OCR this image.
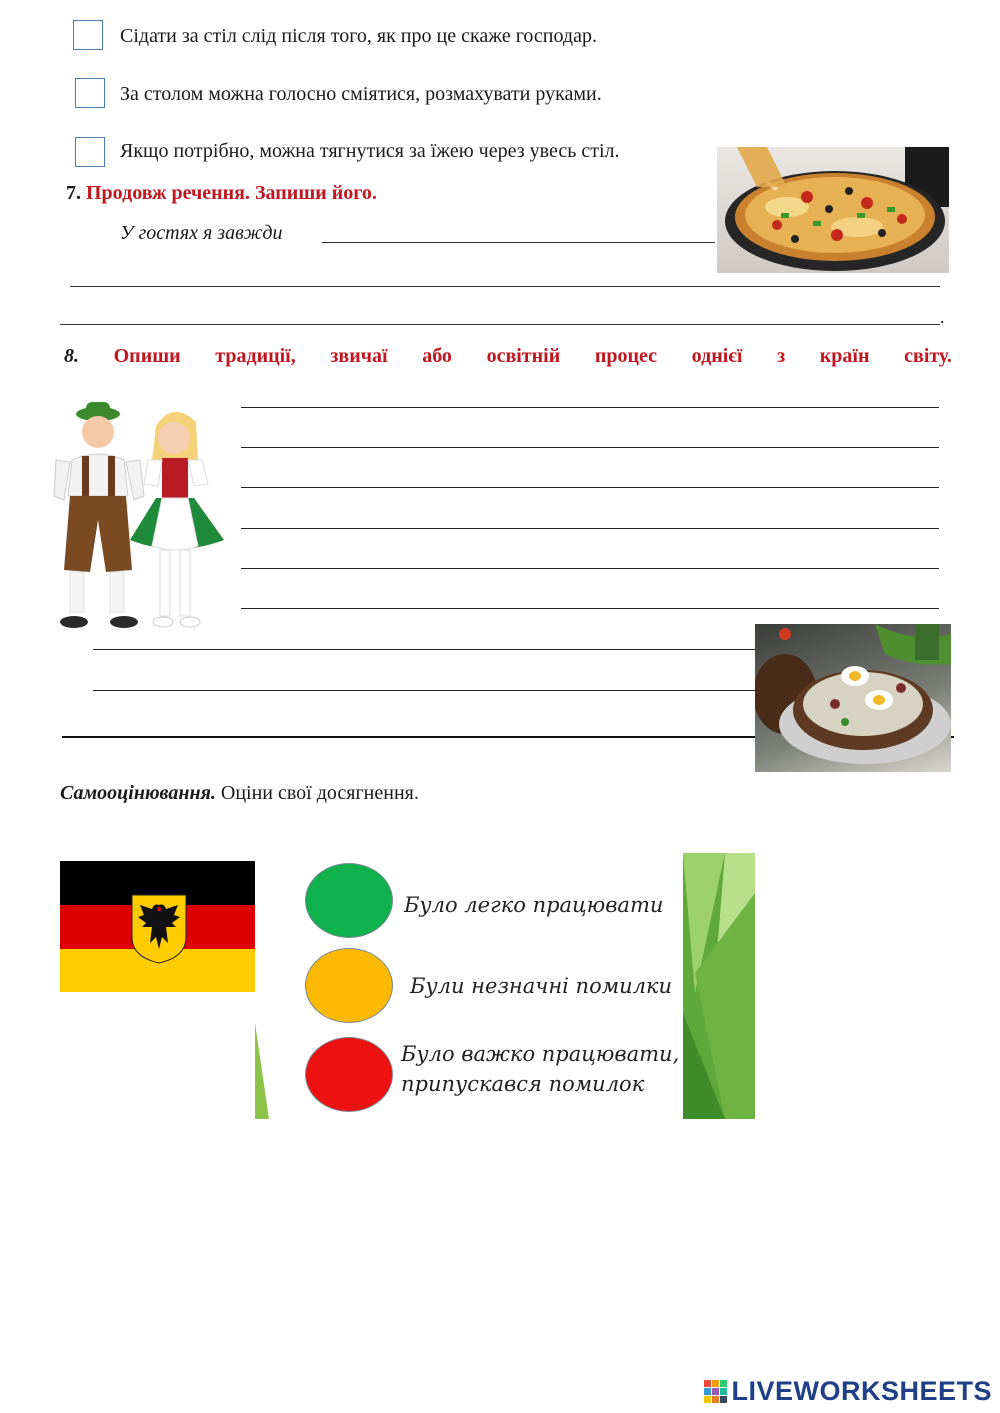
Сідати за стіл слід після того, як про це скаже господар.
За столом можна голосно сміятися, розмахувати руками.
Якщо потрібно, можна тягнутися за їжею через увесь стіл.
7. Продовж речення. Запиши його.
У гостях я завжди
.
8. Опиши традиції, звичаї або освітній процес однієї з країн світу.
Самооцінювання. Оціни свої досягнення.
Було легко працювати
Були незначні помилки
Було важко працювати,
припускався помилок
LIVEWORKSHEETS
